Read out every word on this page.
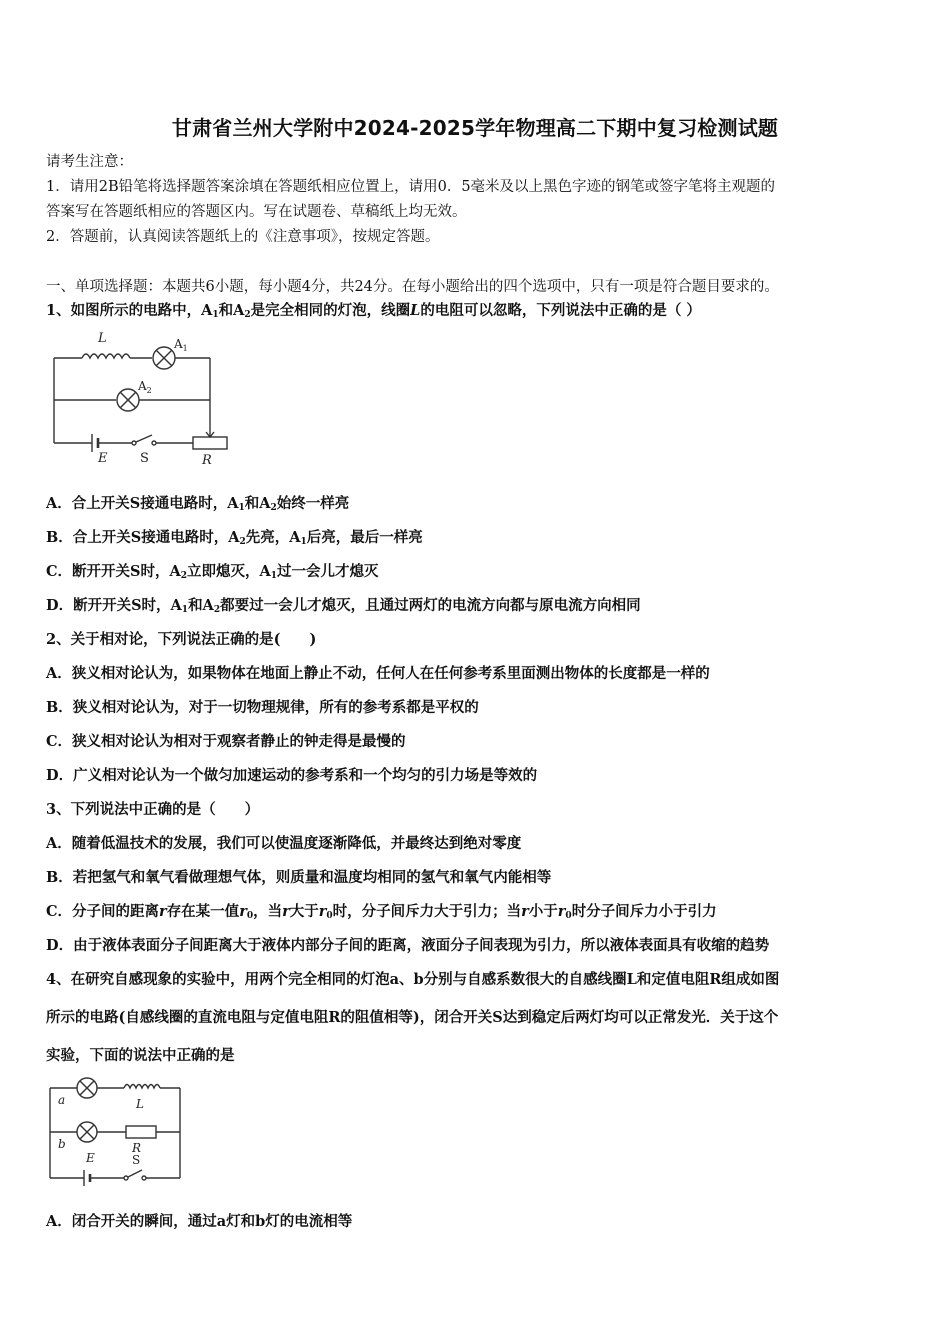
甘肃省兰州大学附中2024-2025学年物理高二下期中复习检测试题
请考生注意：
1．请用2B铅笔将选择题答案涂填在答题纸相应位置上，请用0．5毫米及以上黑色字迹的钢笔或签字笔将主观题的
答案写在答题纸相应的答题区内。写在试题卷、草稿纸上均无效。
2．答题前，认真阅读答题纸上的《注意事项》，按规定答题。
一、单项选择题：本题共6小题，每小题4分，共24分。在每小题给出的四个选项中，只有一项是符合题目要求的。
1、如图所示的电路中，$A_1$和$A_2$是完全相同的灯泡，线圈L的电阻可以忽略，下列说法中正确的是（ ）
L	$A_1$
$A_2$
E	S	R
A．合上开关S接通电路时，$A_1$和$A_2$始终一样亮
B．合上开关S接通电路时，$A_2$先亮，$A_1$后亮，最后一样亮
C．断开开关S时，$A_2$立即熄灭，$A_1$过一会儿才熄灭
D．断开开关S时，$A_1$和$A_2$都要过一会儿才熄灭，且通过两灯的电流方向都与原电流方向相同
2、关于相对论，下列说法正确的是(　　)
A．狭义相对论认为，如果物体在地面上静止不动，任何人在任何参考系里面测出物体的长度都是一样的
B．狭义相对论认为，对于一切物理规律，所有的参考系都是平权的
C．狭义相对论认为相对于观察者静止的钟走得是最慢的
D．广义相对论认为一个做匀加速运动的参考系和一个均匀的引力场是等效的
3、下列说法中正确的是（　　）
A．随着低温技术的发展，我们可以使温度逐渐降低，并最终达到绝对零度
B．若把氢气和氧气看做理想气体，则质量和温度均相同的氢气和氧气内能相等
C．分子间的距离r存在某一值$r_0$，当r大于$r_0$时，分子间斥力大于引力；当r小于$r_0$时分子间斥力小于引力
D．由于液体表面分子间距离大于液体内部分子间的距离，液面分子间表现为引力，所以液体表面具有收缩的趋势
4、在研究自感现象的实验中，用两个完全相同的灯泡a、b分别与自感系数很大的自感线圈L和定值电阻R组成如图
所示的电路(自感线圈的直流电阻与定值电阻R的阻值相等)，闭合开关S达到稳定后两灯均可以正常发光．关于这个
实验，下面的说法中正确的是
a	L
b	R
E	S
A．闭合开关的瞬间，通过a灯和b灯的电流相等
